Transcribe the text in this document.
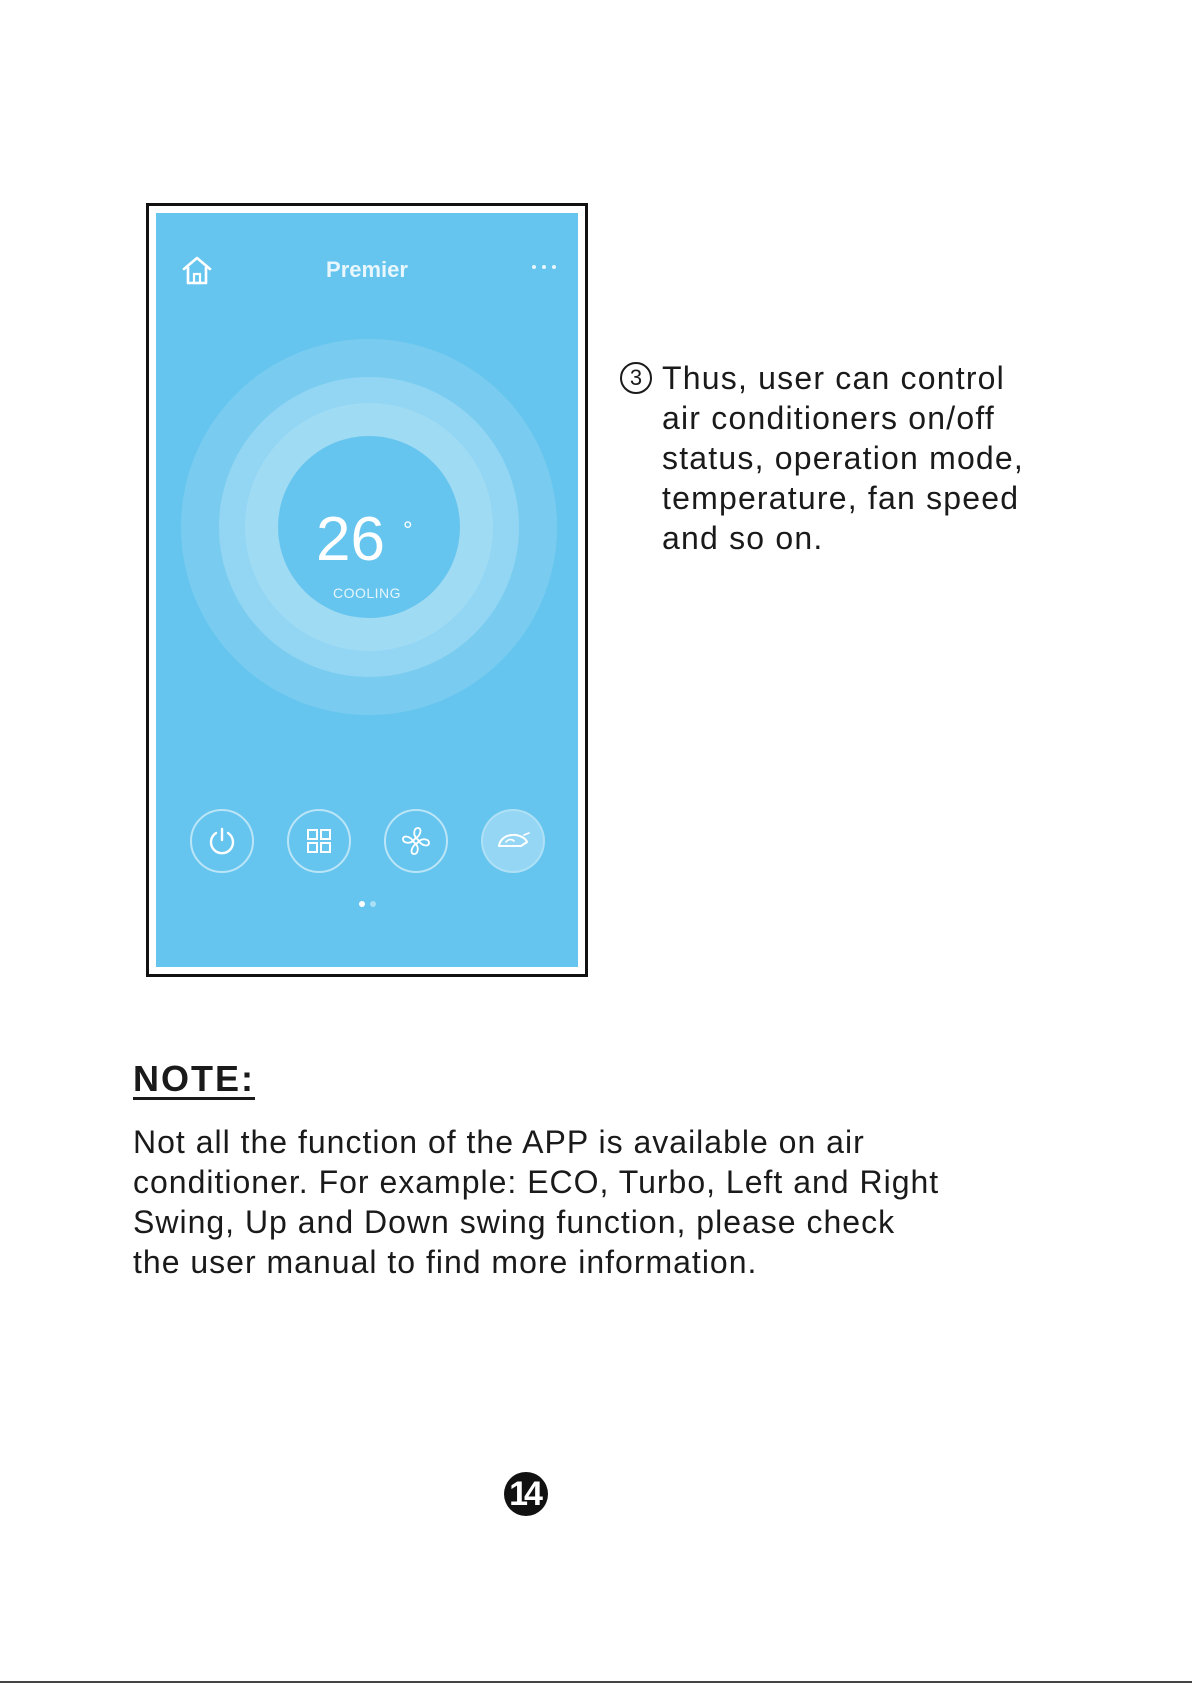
Premier
26 °
COOLING
3 Thus, user can control
air conditioners on/off
status, operation mode,
temperature, fan speed
and so on.
NOTE:
Not all the function of the APP is available on air
conditioner. For example: ECO, Turbo, Left and Right
Swing, Up and Down swing function, please check
the user manual to find more information.
14
